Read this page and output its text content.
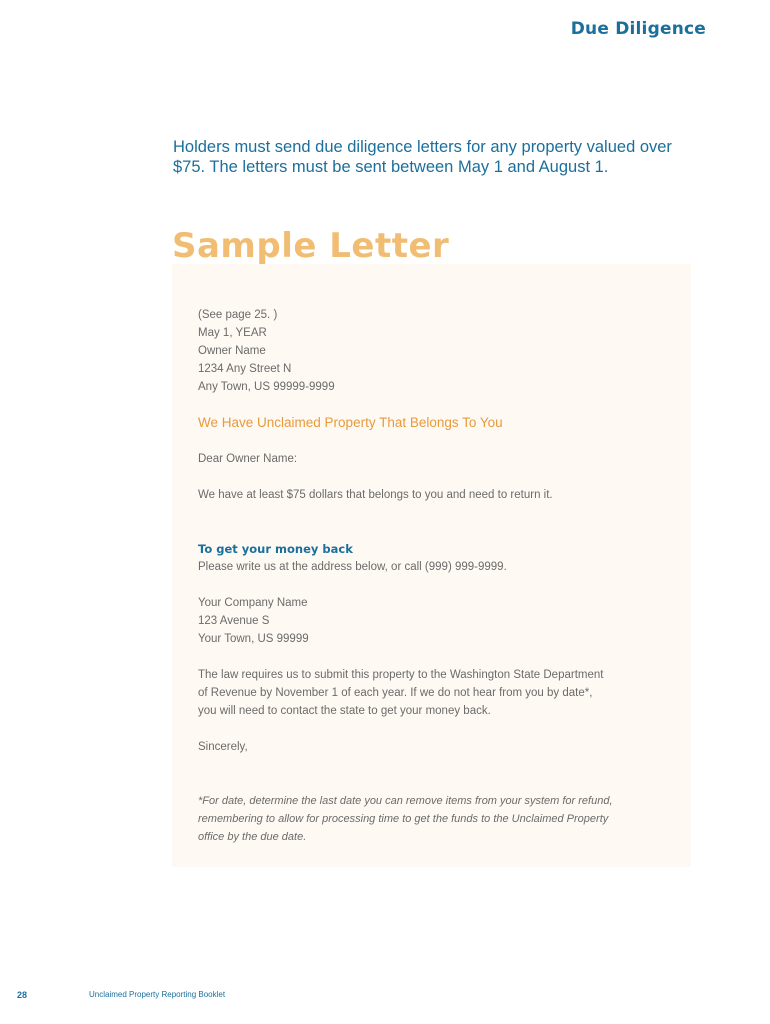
Due Diligence
Holders must send due diligence letters for any property valued over $75. The letters must be sent between May 1 and August 1.
Sample Letter
(See page 25. )
May 1, YEAR
Owner Name
1234 Any Street N
Any Town, US 99999-9999
We Have Unclaimed Property That Belongs To You
Dear Owner Name:
We have at least $75 dollars that belongs to you and need to return it.
To get your money back
Please write us at the address below, or call (999) 999-9999.
Your Company Name
123 Avenue S
Your Town, US 99999
The law requires us to submit this property to the Washington State Department
of Revenue by November 1 of each year. If we do not hear from you by date*,
you will need to contact the state to get your money back.
Sincerely,
*For date, determine the last date you can remove items from your system for refund,
remembering to allow for processing time to get the funds to the Unclaimed Property
office by the due date.
28	Unclaimed Property Reporting Booklet
